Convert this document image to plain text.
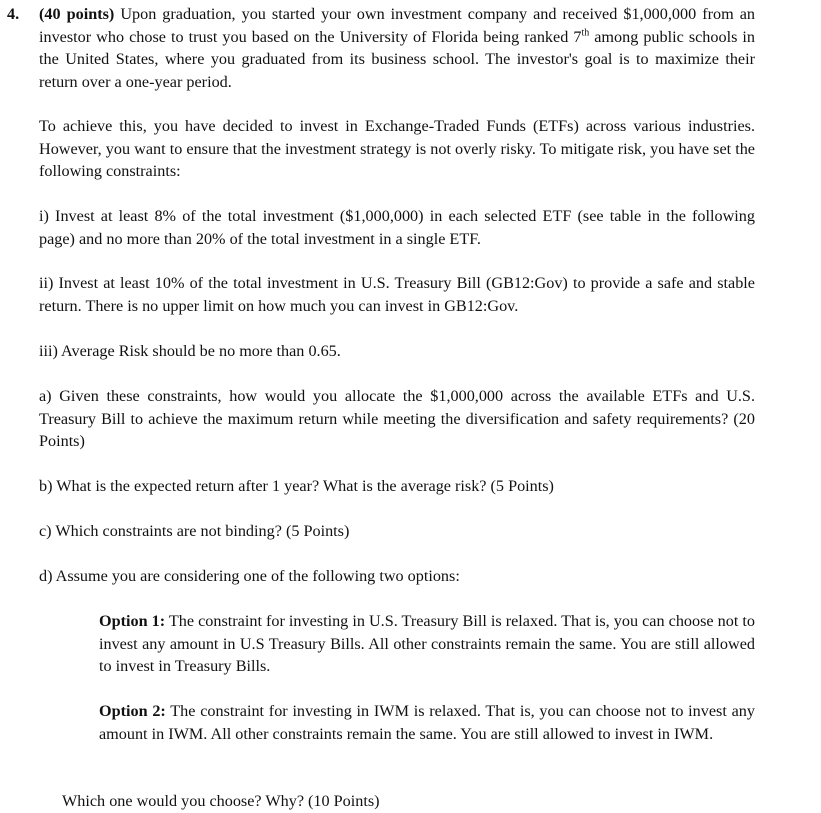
4. (40 points) Upon graduation, you started your own investment company and received $1,000,000 from an investor who chose to trust you based on the University of Florida being ranked 7th among public schools in the United States, where you graduated from its business school. The investor's goal is to maximize their return over a one-year period.

To achieve this, you have decided to invest in Exchange-Traded Funds (ETFs) across various industries. However, you want to ensure that the investment strategy is not overly risky. To mitigate risk, you have set the following constraints:

i) Invest at least 8% of the total investment ($1,000,000) in each selected ETF (see table in the following page) and no more than 20% of the total investment in a single ETF.

ii) Invest at least 10% of the total investment in U.S. Treasury Bill (GB12:Gov) to provide a safe and stable return. There is no upper limit on how much you can invest in GB12:Gov.

iii) Average Risk should be no more than 0.65.

a) Given these constraints, how would you allocate the $1,000,000 across the available ETFs and U.S. Treasury Bill to achieve the maximum return while meeting the diversification and safety requirements? (20 Points)

b) What is the expected return after 1 year? What is the average risk? (5 Points)

c) Which constraints are not binding? (5 Points)

d) Assume you are considering one of the following two options:

Option 1: The constraint for investing in U.S. Treasury Bill is relaxed. That is, you can choose not to invest any amount in U.S Treasury Bills. All other constraints remain the same. You are still allowed to invest in Treasury Bills.

Option 2: The constraint for investing in IWM is relaxed. That is, you can choose not to invest any amount in IWM. All other constraints remain the same. You are still allowed to invest in IWM.

Which one would you choose? Why? (10 Points)
